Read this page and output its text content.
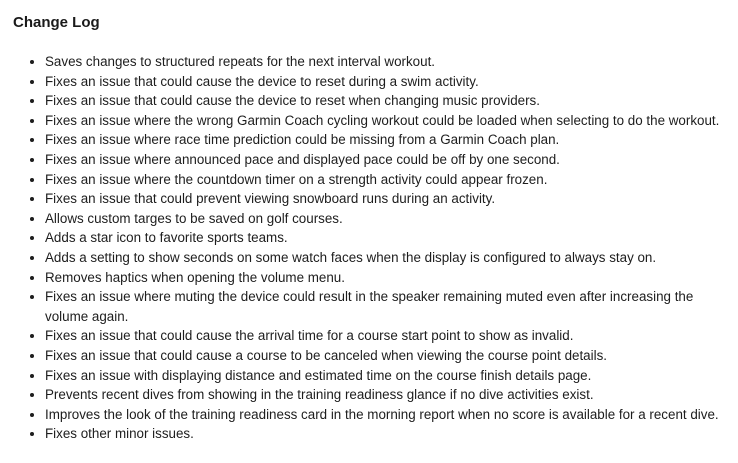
Change Log
• Saves changes to structured repeats for the next interval workout.
• Fixes an issue that could cause the device to reset during a swim activity.
• Fixes an issue that could cause the device to reset when changing music providers.
• Fixes an issue where the wrong Garmin Coach cycling workout could be loaded when selecting to do the workout.
• Fixes an issue where race time prediction could be missing from a Garmin Coach plan.
• Fixes an issue where announced pace and displayed pace could be off by one second.
• Fixes an issue where the countdown timer on a strength activity could appear frozen.
• Fixes an issue that could prevent viewing snowboard runs during an activity.
• Allows custom targes to be saved on golf courses.
• Adds a star icon to favorite sports teams.
• Adds a setting to show seconds on some watch faces when the display is configured to always stay on.
• Removes haptics when opening the volume menu.
• Fixes an issue where muting the device could result in the speaker remaining muted even after increasing the volume again.
• Fixes an issue that could cause the arrival time for a course start point to show as invalid.
• Fixes an issue that could cause a course to be canceled when viewing the course point details.
• Fixes an issue with displaying distance and estimated time on the course finish details page.
• Prevents recent dives from showing in the training readiness glance if no dive activities exist.
• Improves the look of the training readiness card in the morning report when no score is available for a recent dive.
• Fixes other minor issues.
